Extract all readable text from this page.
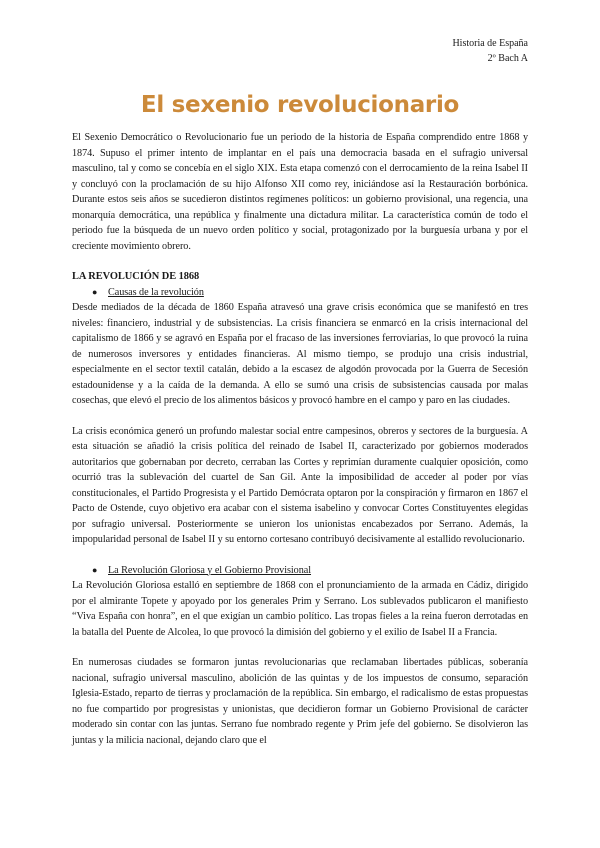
Historia de España
2º Bach A
El sexenio revolucionario

El Sexenio Democrático o Revolucionario fue un periodo de la historia de España comprendido entre 1868 y 1874. Supuso el primer intento de implantar en el país una democracia basada en el sufragio universal masculino, tal y como se concebía en el siglo XIX. Esta etapa comenzó con el derrocamiento de la reina Isabel II y concluyó con la proclamación de su hijo Alfonso XII como rey, iniciándose así la Restauración borbónica. Durante estos seis años se sucedieron distintos regímenes políticos: un gobierno provisional, una regencia, una monarquía democrática, una república y finalmente una dictadura militar. La característica común de todo el periodo fue la búsqueda de un nuevo orden político y social, protagonizado por la burguesía urbana y por el creciente movimiento obrero.

LA REVOLUCIÓN DE 1868
●	Causas de la revolución

Desde mediados de la década de 1860 España atravesó una grave crisis económica que se manifestó en tres niveles: financiero, industrial y de subsistencias. La crisis financiera se enmarcó en la crisis internacional del capitalismo de 1866 y se agravó en España por el fracaso de las inversiones ferroviarias, lo que provocó la ruina de numerosos inversores y entidades financieras. Al mismo tiempo, se produjo una crisis industrial, especialmente en el sector textil catalán, debido a la escasez de algodón provocada por la Guerra de Secesión estadounidense y a la caída de la demanda. A ello se sumó una crisis de subsistencias causada por malas cosechas, que elevó el precio de los alimentos básicos y provocó hambre en el campo y paro en las ciudades.

La crisis económica generó un profundo malestar social entre campesinos, obreros y sectores de la burguesía. A esta situación se añadió la crisis política del reinado de Isabel II, caracterizado por gobiernos moderados autoritarios que gobernaban por decreto, cerraban las Cortes y reprimían duramente cualquier oposición, como ocurrió tras la sublevación del cuartel de San Gil. Ante la imposibilidad de acceder al poder por vías constitucionales, el Partido Progresista y el Partido Demócrata optaron por la conspiración y firmaron en 1867 el Pacto de Ostende, cuyo objetivo era acabar con el sistema isabelino y convocar Cortes Constituyentes elegidas por sufragio universal. Posteriormente se unieron los unionistas encabezados por Serrano. Además, la impopularidad personal de Isabel II y su entorno cortesano contribuyó decisivamente al estallido revolucionario.

●	La Revolución Gloriosa y el Gobierno Provisional

La Revolución Gloriosa estalló en septiembre de 1868 con el pronunciamiento de la armada en Cádiz, dirigido por el almirante Topete y apoyado por los generales Prim y Serrano. Los sublevados publicaron el manifiesto “Viva España con honra”, en el que exigían un cambio político. Las tropas fieles a la reina fueron derrotadas en la batalla del Puente de Alcolea, lo que provocó la dimisión del gobierno y el exilio de Isabel II a Francia.

En numerosas ciudades se formaron juntas revolucionarias que reclamaban libertades públicas, soberanía nacional, sufragio universal masculino, abolición de las quintas y de los impuestos de consumo, separación Iglesia-Estado, reparto de tierras y proclamación de la república. Sin embargo, el radicalismo de estas propuestas no fue compartido por progresistas y unionistas, que decidieron formar un Gobierno Provisional de carácter moderado sin contar con las juntas. Serrano fue nombrado regente y Prim jefe del gobierno. Se disolvieron las juntas y la milicia nacional, dejando claro que el
